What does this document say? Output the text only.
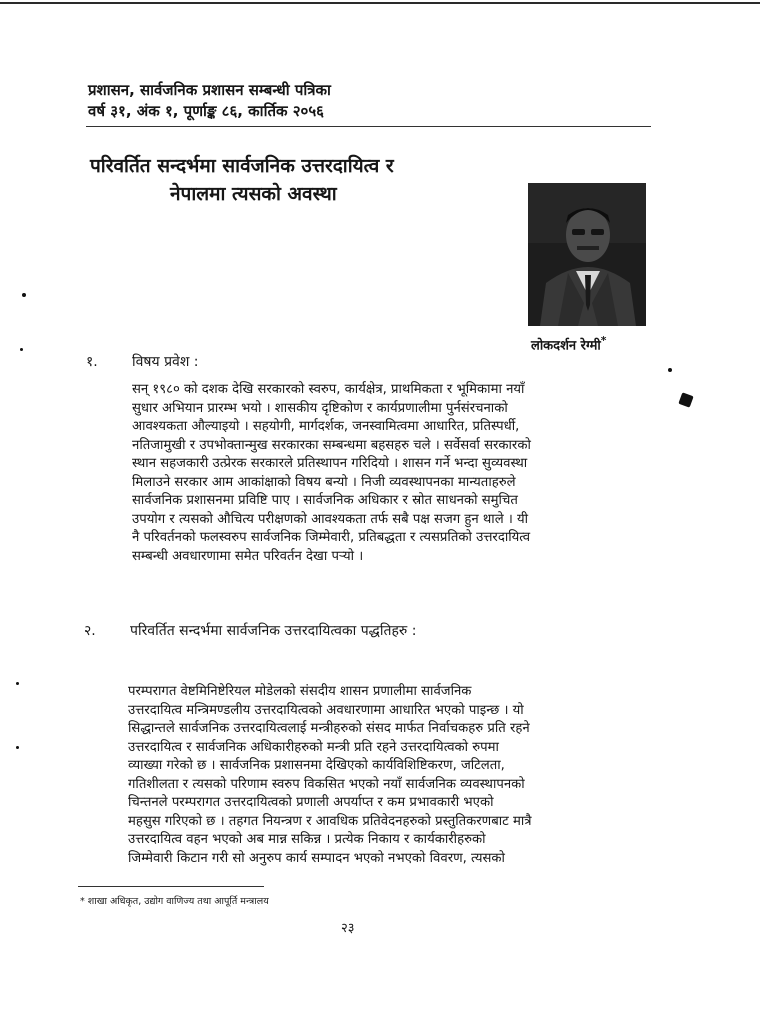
प्रशासन, सार्वजनिक प्रशासन सम्बन्धी पत्रिका
वर्ष ३१, अंक १, पूर्णाङ्क ८६, कार्तिक २०५६
परिवर्तित सन्दर्भमा सार्वजनिक उत्तरदायित्व र
नेपालमा त्यसको अवस्था
लोकदर्शन रेग्मी*
१. विषय प्रवेश :
सन् १९८० को दशक देखि सरकारको स्वरुप, कार्यक्षेत्र, प्राथमिकता र भूमिकामा नयाँ
सुधार अभियान प्रारम्भ भयो । शासकीय दृष्टिकोण र कार्यप्रणालीमा पुर्नसंरचनाको
आवश्यकता औल्याइयो । सहयोगी, मार्गदर्शक, जनस्वामित्वमा आधारित, प्रतिस्पर्धी,
नतिजामुखी र उपभोक्तान्मुख सरकारका सम्बन्धमा बहसहरु चले । सर्वेसर्वा सरकारको
स्थान सहजकारी उत्प्रेरक सरकारले प्रतिस्थापन गरिदियो । शासन गर्ने भन्दा सुव्यवस्था
मिलाउने सरकार आम आकांक्षाको विषय बन्यो । निजी व्यवस्थापनका मान्यताहरुले
सार्वजनिक प्रशासनमा प्रविष्टि पाए । सार्वजनिक अधिकार र स्रोत साधनको समुचित
उपयोग र त्यसको औचित्य परीक्षणको आवश्यकता तर्फ सबै पक्ष सजग हुन थाले । यी
नै परिवर्तनको फलस्वरुप सार्वजनिक जिम्मेवारी, प्रतिबद्धता र त्यसप्रतिको उत्तरदायित्व
सम्बन्धी अवधारणामा समेत परिवर्तन देखा पर्‍यो ।
२. परिवर्तित सन्दर्भमा सार्वजनिक उत्तरदायित्वका पद्धतिहरु :
परम्परागत वेष्टमिनिष्टेरियल मोडेलको संसदीय शासन प्रणालीमा सार्वजनिक
उत्तरदायित्व मन्त्रिमण्डलीय उत्तरदायित्वको अवधारणामा आधारित भएको पाइन्छ । यो
सिद्धान्तले सार्वजनिक उत्तरदायित्वलाई मन्त्रीहरुको संसद मार्फत निर्वाचकहरु प्रति रहने
उत्तरदायित्व र सार्वजनिक अधिकारीहरुको मन्त्री प्रति रहने उत्तरदायित्वको रुपमा
व्याख्या गरेको छ । सार्वजनिक प्रशासनमा देखिएको कार्यविशिष्टिकरण, जटिलता,
गतिशीलता र त्यसको परिणाम स्वरुप विकसित भएको नयाँ सार्वजनिक व्यवस्थापनको
चिन्तनले परम्परागत उत्तरदायित्वको प्रणाली अपर्याप्त र कम प्रभावकारी भएको
महसुस गरिएको छ । तहगत नियन्त्रण र आवधिक प्रतिवेदनहरुको प्रस्तुतिकरणबाट मात्रै
उत्तरदायित्व वहन भएको अब मान्न सकिन्न । प्रत्येक निकाय र कार्यकारीहरुको
जिम्मेवारी किटान गरी सो अनुरुप कार्य सम्पादन भएको नभएको विवरण, त्यसको
* शाखा अधिकृत, उद्योग वाणिज्य तथा आपूर्ति मन्त्रालय
२३
